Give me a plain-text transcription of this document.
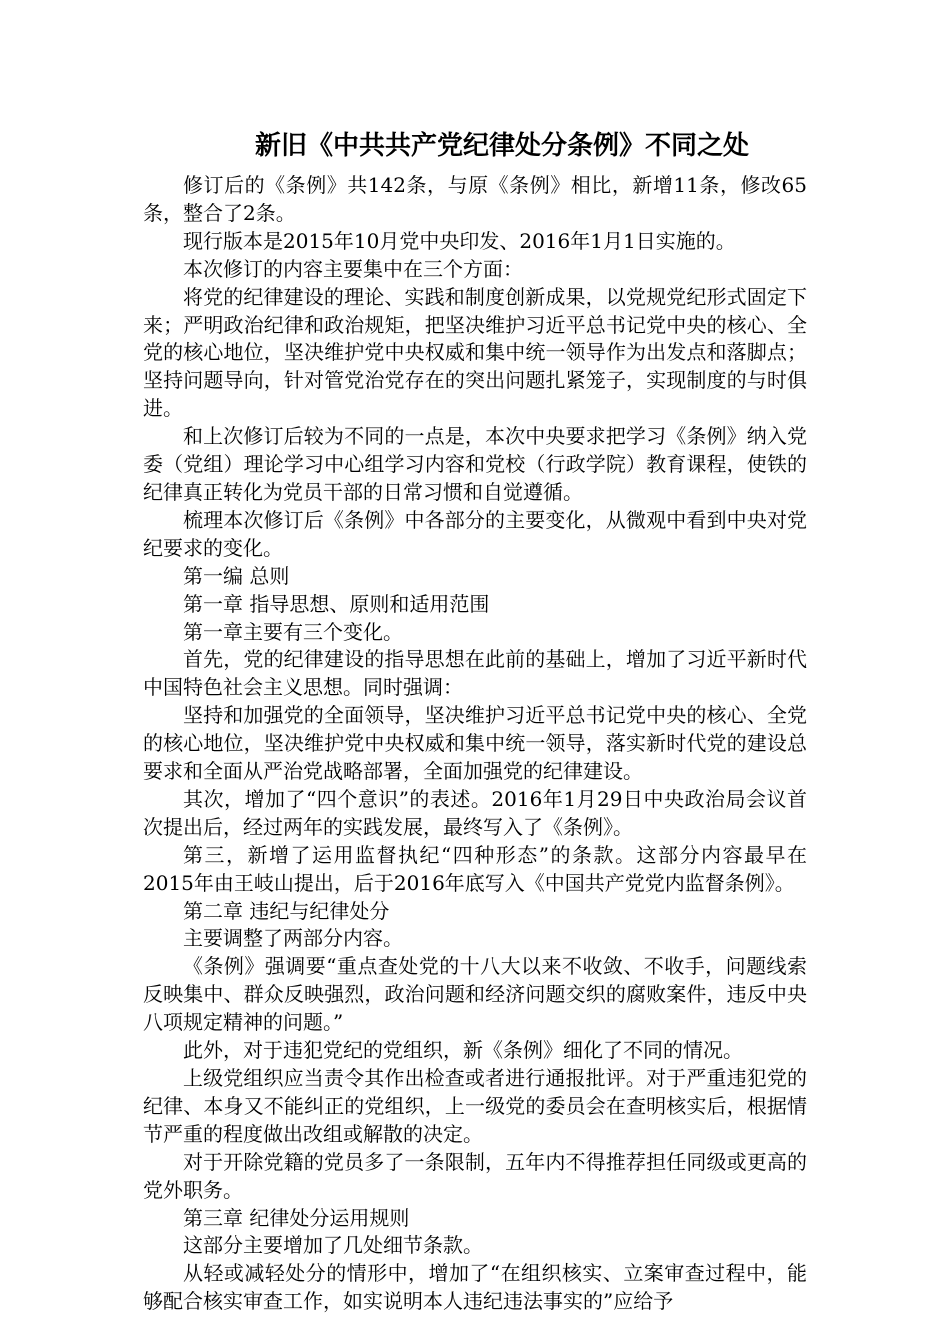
新旧《中共共产党纪律处分条例》不同之处

修订后的《条例》共142条，与原《条例》相比，新增11条，修改65条，整合了2条。

现行版本是2015年10月党中央印发、2016年1月1日实施的。

本次修订的内容主要集中在三个方面：

将党的纪律建设的理论、实践和制度创新成果，以党规党纪形式固定下来；严明政治纪律和政治规矩，把坚决维护习近平总书记党中央的核心、全党的核心地位，坚决维护党中央权威和集中统一领导作为出发点和落脚点；坚持问题导向，针对管党治党存在的突出问题扎紧笼子，实现制度的与时俱进。

和上次修订后较为不同的一点是，本次中央要求把学习《条例》纳入党委（党组）理论学习中心组学习内容和党校（行政学院）教育课程，使铁的纪律真正转化为党员干部的日常习惯和自觉遵循。

梳理本次修订后《条例》中各部分的主要变化，从微观中看到中央对党纪要求的变化。

第一编 总则

第一章 指导思想、原则和适用范围

第一章主要有三个变化。

首先，党的纪律建设的指导思想在此前的基础上，增加了习近平新时代中国特色社会主义思想。同时强调：

坚持和加强党的全面领导，坚决维护习近平总书记党中央的核心、全党的核心地位，坚决维护党中央权威和集中统一领导，落实新时代党的建设总要求和全面从严治党战略部署，全面加强党的纪律建设。

其次，增加了“四个意识”的表述。2016年1月29日中央政治局会议首次提出后，经过两年的实践发展，最终写入了《条例》。

第三，新增了运用监督执纪“四种形态”的条款。这部分内容最早在2015年由王岐山提出，后于2016年底写入《中国共产党党内监督条例》。

第二章 违纪与纪律处分

主要调整了两部分内容。

《条例》强调要“重点查处党的十八大以来不收敛、不收手，问题线索反映集中、群众反映强烈，政治问题和经济问题交织的腐败案件，违反中央八项规定精神的问题。”

此外，对于违犯党纪的党组织，新《条例》细化了不同的情况。

上级党组织应当责令其作出检查或者进行通报批评。对于严重违犯党的纪律、本身又不能纠正的党组织，上一级党的委员会在查明核实后，根据情节严重的程度做出改组或解散的决定。

对于开除党籍的党员多了一条限制，五年内不得推荐担任同级或更高的党外职务。

第三章 纪律处分运用规则

这部分主要增加了几处细节条款。

从轻或减轻处分的情形中，增加了“在组织核实、立案审查过程中，能够配合核实审查工作，如实说明本人违纪违法事实的”应给予
